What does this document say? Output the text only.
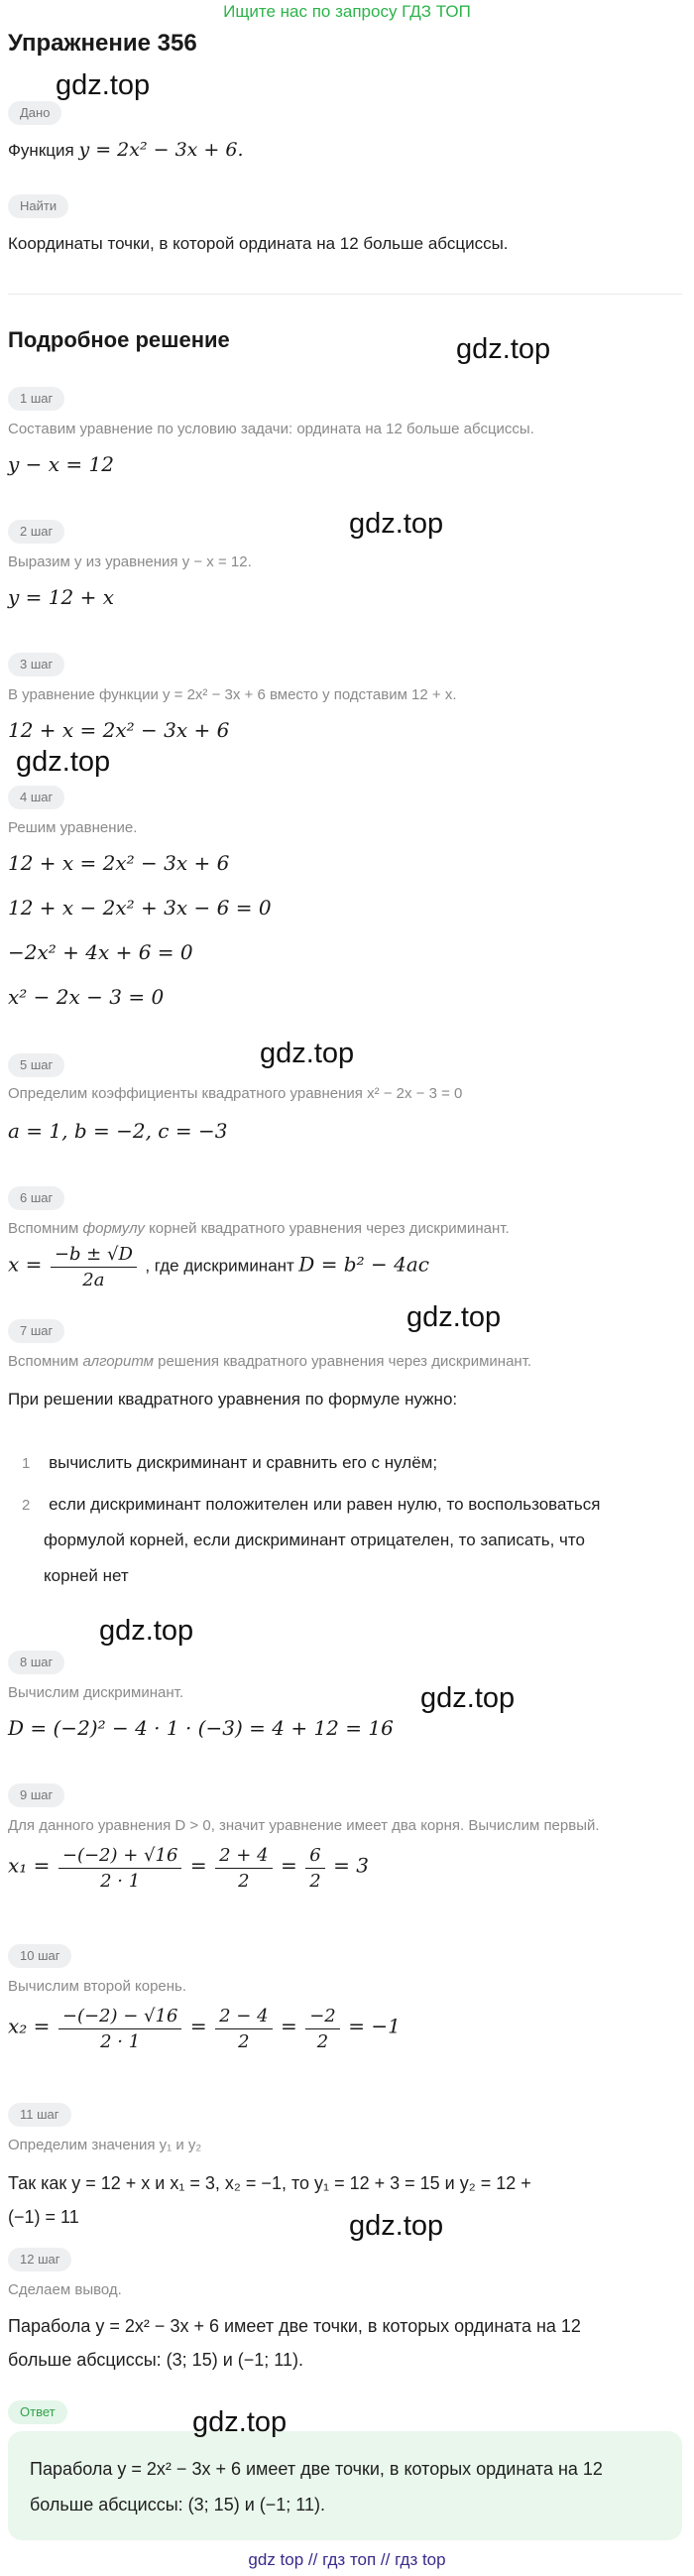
Ищите нас по запросу ГДЗ ТОП
Упражнение 356
gdz.top
Дано
Функция y = 2x² − 3x + 6.
Найти
Координаты точки, в которой ордината на 12 больше абсциссы.
Подробное решение	gdz.top
1 шаг
Составим уравнение по условию задачи: ордината на 12 больше абсциссы.
y − x = 12
gdz.top
2 шаг
Выразим y из уравнения y − x = 12.
y = 12 + x
3 шаг
В уравнение функции y = 2x² − 3x + 6 вместо y подставим 12 + x.
12 + x = 2x² − 3x + 6
gdz.top
4 шаг
Решим уравнение.
12 + x = 2x² − 3x + 6
12 + x − 2x² + 3x − 6 = 0
−2x² + 4x + 6 = 0
x² − 2x − 3 = 0
gdz.top
5 шаг
Определим коэффициенты квадратного уравнения x² − 2x − 3 = 0
a = 1, b = −2, c = −3
6 шаг
Вспомним формулу корней квадратного уравнения через дискриминант.
$x = \frac{-b \pm √D}{2a}$ , где дискриминант D = b² − 4ac
gdz.top
7 шаг
Вспомним алгоритм решения квадратного уравнения через дискриминант.
При решении квадратного уравнения по формуле нужно:
1 вычислить дискриминант и сравнить его с нулём;
2 если дискриминант положителен или равен нулю, то воспользоваться
формулой корней, если дискриминант отрицателен, то записать, что
корней нет
gdz.top
8 шаг
gdz.top
Вычислим дискриминант.
D = (−2)² − 4 · 1 · (−3) = 4 + 12 = 16
9 шаг
Для данного уравнения D > 0, значит уравнение имеет два корня. Вычислим первый.
$x_1 = \frac{-(-2) + √16}{2 \cdot 1} = \frac{2 + 4}{2} = \frac{6}{2} = 3$
10 шаг
Вычислим второй корень.
$x_2 = \frac{-(-2) - √16}{2 \cdot 1} = \frac{2 - 4}{2} = \frac{-2}{2} = -1$
11 шаг
Определим значения y₁ и y₂
Так как y = 12 + x и x₁ = 3, x₂ = −1, то y₁ = 12 + 3 = 15 и y₂ = 12 +
(−1) = 11	gdz.top
12 шаг
Сделаем вывод.
Парабола y = 2x² − 3x + 6 имеет две точки, в которых ордината на 12
больше абсциссы: (3; 15) и (−1; 11).
Ответ	gdz.top
Парабола y = 2x² − 3x + 6 имеет две точки, в которых ордината на 12
больше абсциссы: (3; 15) и (−1; 11).
gdz top // гдз топ // гдз top
